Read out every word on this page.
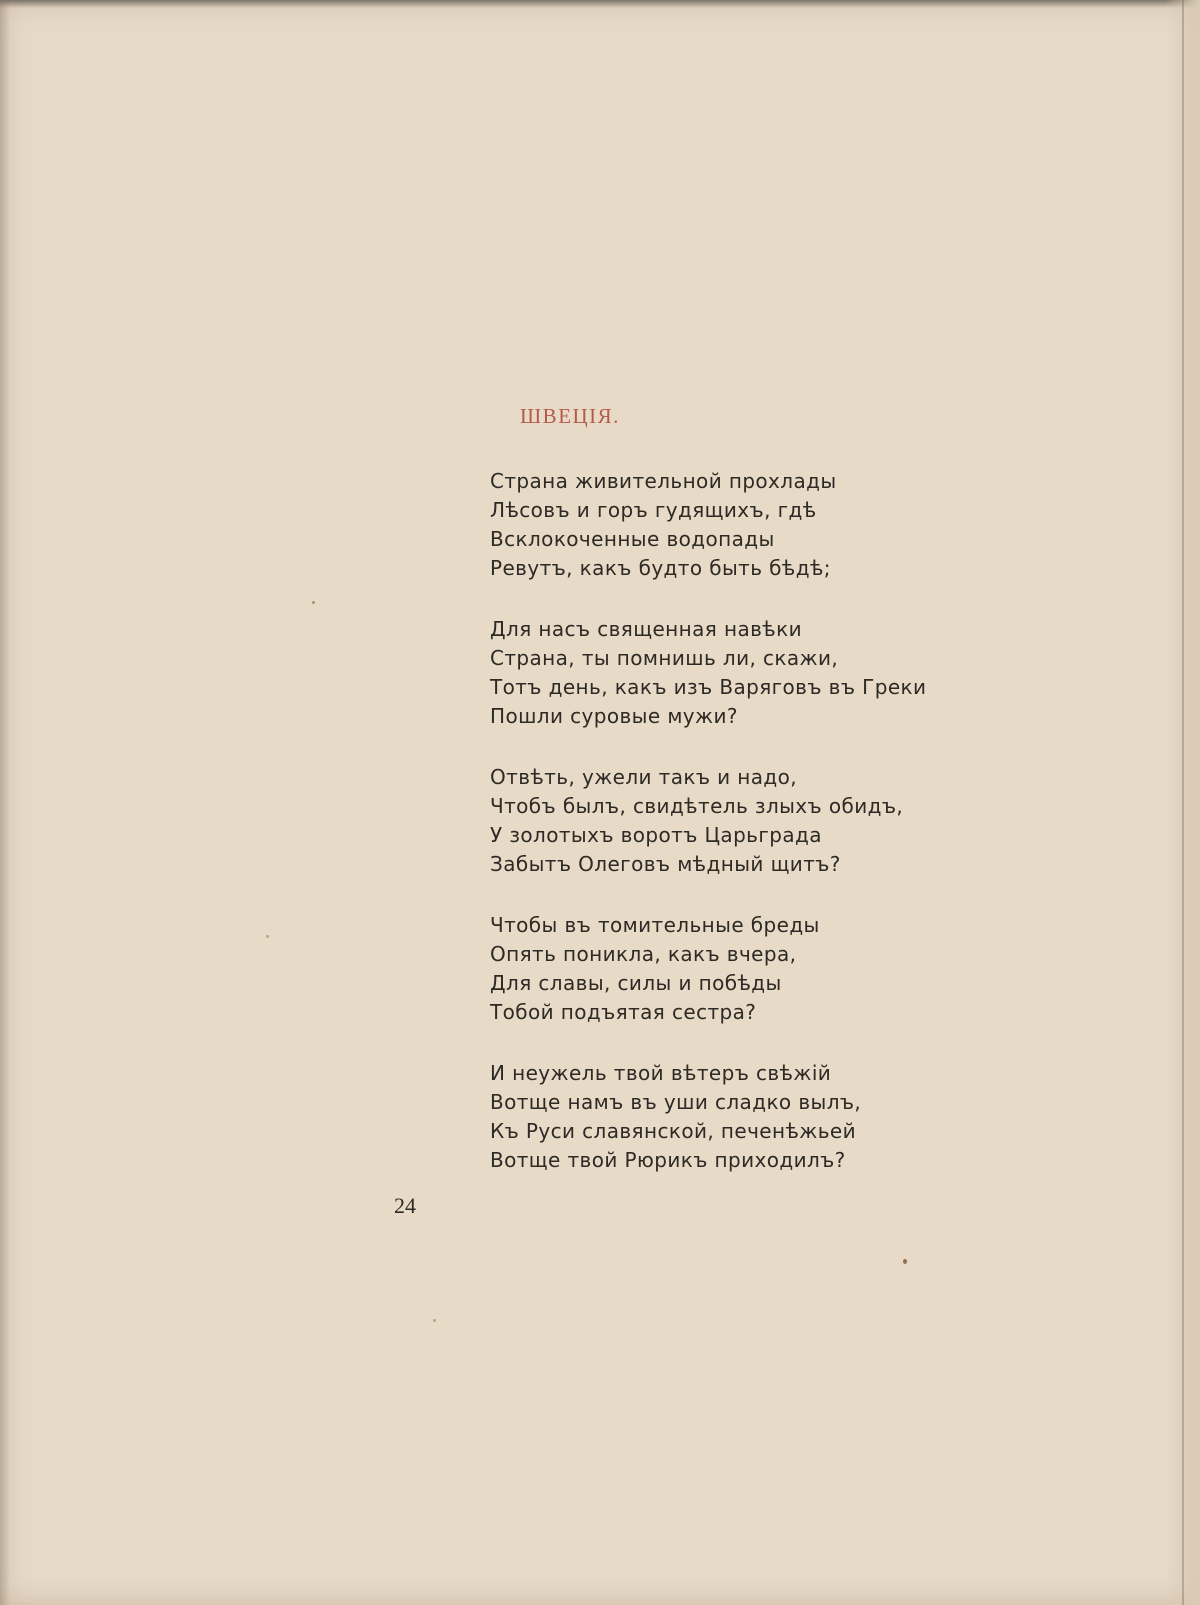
ШВЕЦІЯ.
Страна живительной прохлады
Лѣсовъ и горъ гудящихъ, гдѣ
Всклокоченные водопады
Ревутъ, какъ будто быть бѣдѣ;
Для насъ священная навѣки
Страна, ты помнишь ли, скажи,
Тотъ день, какъ изъ Варяговъ въ Греки
Пошли суровые мужи?
Отвѣть, ужели такъ и надо,
Чтобъ былъ, свидѣтель злыхъ обидъ,
У золотыхъ воротъ Царьграда
Забытъ Олеговъ мѣдный щитъ?
Чтобы въ томительные бреды
Опять поникла, какъ вчера,
Для славы, силы и побѣды
Тобой подъятая сестра?
И неужель твой вѣтеръ свѣжій
Вотще намъ въ уши сладко вылъ,
Къ Руси славянской, печенѣжьей
Вотще твой Рюрикъ приходилъ?
24
